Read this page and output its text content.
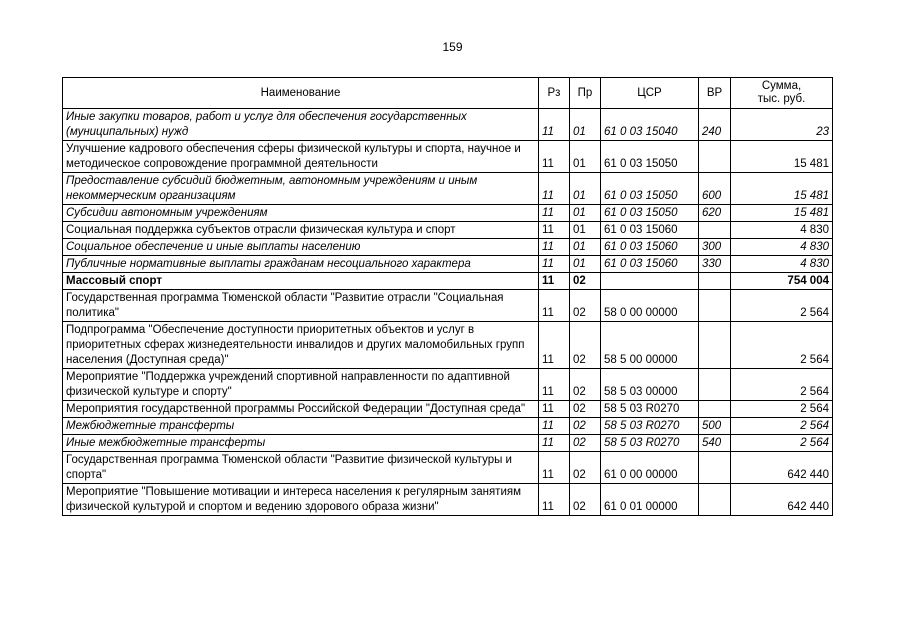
159
Наименование	Рз	Пр	ЦСР	ВР	Сумма,
тыс. руб.
Иные закупки товаров, работ и услуг для обеспечения государственных (муниципальных) нужд	11	01	61 0 03 15040	240	23
Улучшение кадрового обеспечения сферы физической культуры и спорта, научное и методическое сопровождение программной деятельности	11	01	61 0 03 15050		15 481
Предоставление субсидий бюджетным, автономным учреждениям и иным некоммерческим организациям	11	01	61 0 03 15050	600	15 481
Субсидии автономным учреждениям	11	01	61 0 03 15050	620	15 481
Социальная поддержка субъектов отрасли физическая культура и спорт	11	01	61 0 03 15060		4 830
Социальное обеспечение и иные выплаты населению	11	01	61 0 03 15060	300	4 830
Публичные нормативные выплаты гражданам несоциального характера	11	01	61 0 03 15060	330	4 830
Массовый спорт	11	02			754 004
Государственная программа Тюменской области "Развитие отрасли "Социальная политика"	11	02	58 0 00 00000		2 564
Подпрограмма "Обеспечение доступности приоритетных объектов и услуг в приоритетных сферах жизнедеятельности инвалидов и других маломобильных групп населения (Доступная среда)"	11	02	58 5 00 00000		2 564
Мероприятие "Поддержка учреждений спортивной направленности по адаптивной физической культуре и спорту"	11	02	58 5 03 00000		2 564
Мероприятия государственной программы Российской Федерации "Доступная среда"	11	02	58 5 03 R0270		2 564
Межбюджетные трансферты	11	02	58 5 03 R0270	500	2 564
Иные межбюджетные трансферты	11	02	58 5 03 R0270	540	2 564
Государственная программа Тюменской области "Развитие физической культуры и спорта"	11	02	61 0 00 00000		642 440
Мероприятие "Повышение мотивации и интереса населения к регулярным занятиям физической культурой и спортом и ведению здорового образа жизни"	11	02	61 0 01 00000		642 440
